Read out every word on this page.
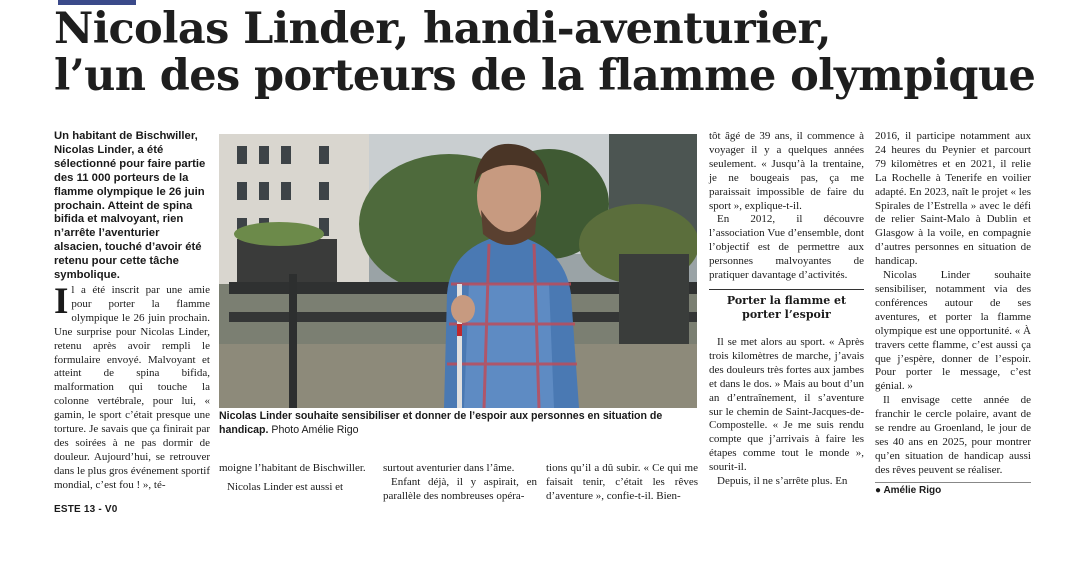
Nicolas Linder, handi-aventurier,
l’un des porteurs de la flamme olympique
Un habitant de Bischwiller, Nicolas Linder, a été sélectionné pour faire partie des 11 000 porteurs de la flamme olympique le 26 juin prochain. Atteint de spina bifida et malvoyant, rien n’arrête l’aventurier alsacien, touché d’avoir été retenu pour cette tâche symbolique.

Il a été inscrit par une amie pour porter la flamme olympique le 26 juin prochain. Une surprise pour Nicolas Linder, retenu après avoir rempli le formulaire envoyé. Malvoyant et atteint de spina bifida, malformation qui touche la colonne vertébrale, pour lui, « gamin, le sport c’était presque une torture. Je savais que ça finirait par des soirées à ne pas dormir de douleur. Aujourd’hui, se retrouver dans le plus gros événement sportif mondial, c’est fou ! », té-

Nicolas Linder souhaite sensibiliser et donner de l’espoir aux personnes en situation de handicap. Photo Amélie Rigo

moigne l’habitant de Bischwiller.

Nicolas Linder est aussi et

surtout aventurier dans l’âme.

Enfant déjà, il y aspirait, en parallèle des nombreuses opéra-

tions qu’il a dû subir. « Ce qui me faisait tenir, c’était les rêves d’aventure », confie-t-il. Bien-

tôt âgé de 39 ans, il commence à voyager il y a quelques années seulement. « Jusqu’à la trentaine, je ne bougeais pas, ça me paraissait impossible de faire du sport », explique-t-il.

En 2012, il découvre l’association Vue d’ensemble, dont l’objectif est de permettre aux personnes malvoyantes de pratiquer davantage d’activités.

Porter la flamme et porter l’espoir

Il se met alors au sport. « Après trois kilomètres de marche, j’avais des douleurs très fortes aux jambes et dans le dos. » Mais au bout d’un an d’entraînement, il s’aventure sur le chemin de Saint-Jacques-de-Compostelle. « Je me suis rendu compte que j’arrivais à faire les étapes comme tout le monde », sourit-il.

Depuis, il ne s’arrête plus. En

2016, il participe notamment aux 24 heures du Peynier et parcourt 79 kilomètres et en 2021, il relie La Rochelle à Tenerife en voilier adapté. En 2023, naît le projet « les Spirales de l’Estrella » avec le défi de relier Saint-Malo à Dublin et Glasgow à la voile, en compagnie d’autres personnes en situation de handicap.

Nicolas Linder souhaite sensibiliser, notamment via des conférences autour de ses aventures, et porter la flamme olympique est une opportunité. « À travers cette flamme, c’est aussi ça que j’espère, donner de l’espoir. Pour porter le message, c’est génial. »

Il envisage cette année de franchir le cercle polaire, avant de se rendre au Groenland, le jour de ses 40 ans en 2025, pour montrer qu’en situation de handicap aussi des rêves peuvent se réaliser.

● Amélie Rigo
ESTE 13 - V0
